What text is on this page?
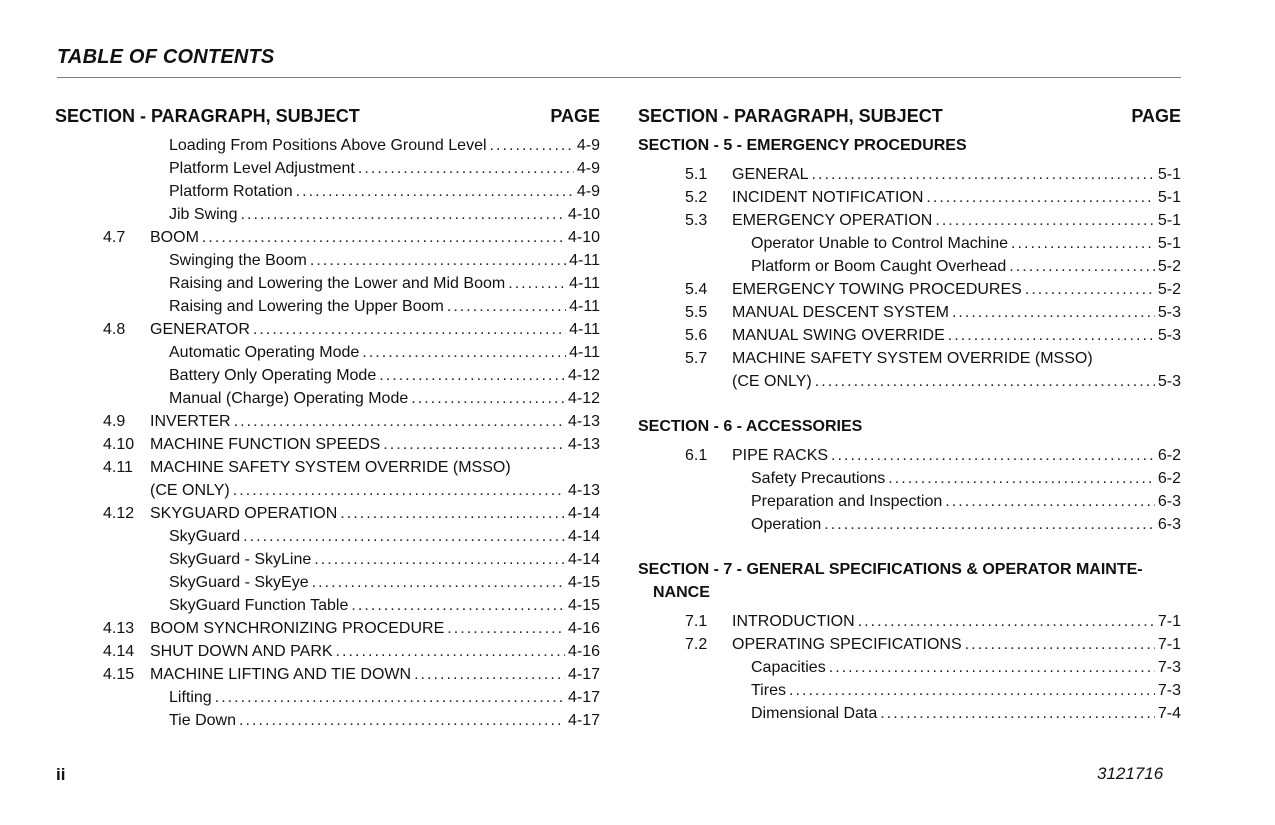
TABLE OF CONTENTS
SECTION - PARAGRAPH, SUBJECT	PAGE
Loading From Positions Above Ground Level . . .	4-9
Platform Level Adjustment . . .	4-9
Platform Rotation . . .	4-9
Jib Swing . . .	4-10
4.7	BOOM . . .	4-10
Swinging the Boom . . .	4-11
Raising and Lowering the Lower and Mid Boom . . .	4-11
Raising and Lowering the Upper Boom . . .	4-11
4.8	GENERATOR . . .	4-11
Automatic Operating Mode . . .	4-11
Battery Only Operating Mode . . .	4-12
Manual (Charge) Operating Mode . . .	4-12
4.9	INVERTER . . .	4-13
4.10 MACHINE FUNCTION SPEEDS . . .	4-13
4.11	MACHINE SAFETY SYSTEM OVERRIDE (MSSO)
(CE ONLY) . . .	4-13
4.12 SKYGUARD OPERATION . . .	4-14
SkyGuard . . .	4-14
SkyGuard - SkyLine . . .	4-14
SkyGuard - SkyEye . . .	4-15
SkyGuard Function Table . . .	4-15
4.13 BOOM SYNCHRONIZING PROCEDURE . . .	4-16
4.14 SHUT DOWN AND PARK . . .	4-16
4.15 MACHINE LIFTING AND TIE DOWN . . .	4-17
Lifting . . .	4-17
Tie Down . . .	4-17
SECTION - PARAGRAPH, SUBJECT	PAGE
SECTION - 5 - EMERGENCY PROCEDURES
5.1	GENERAL . . .	5-1
5.2	INCIDENT NOTIFICATION . . .	5-1
5.3	EMERGENCY OPERATION . . .	5-1
Operator Unable to Control Machine . . .	5-1
Platform or Boom Caught Overhead . . .	5-2
5.4	EMERGENCY TOWING PROCEDURES . . .	5-2
5.5	MANUAL DESCENT SYSTEM . . .	5-3
5.6	MANUAL SWING OVERRIDE . . .	5-3
5.7	MACHINE SAFETY SYSTEM OVERRIDE (MSSO)
(CE ONLY) . . .	5-3
SECTION - 6 - ACCESSORIES
6.1	PIPE RACKS . . .	6-2
Safety Precautions . . .	6-2
Preparation and Inspection . . .	6-3
Operation . . .	6-3
SECTION - 7 - GENERAL SPECIFICATIONS & OPERATOR MAINTE-
NANCE
7.1	INTRODUCTION . . .	7-1
7.2	OPERATING SPECIFICATIONS . . .	7-1
Capacities . . .	7-3
Tires . . .	7-3
Dimensional Data . . .	7-4
ii	3121716
